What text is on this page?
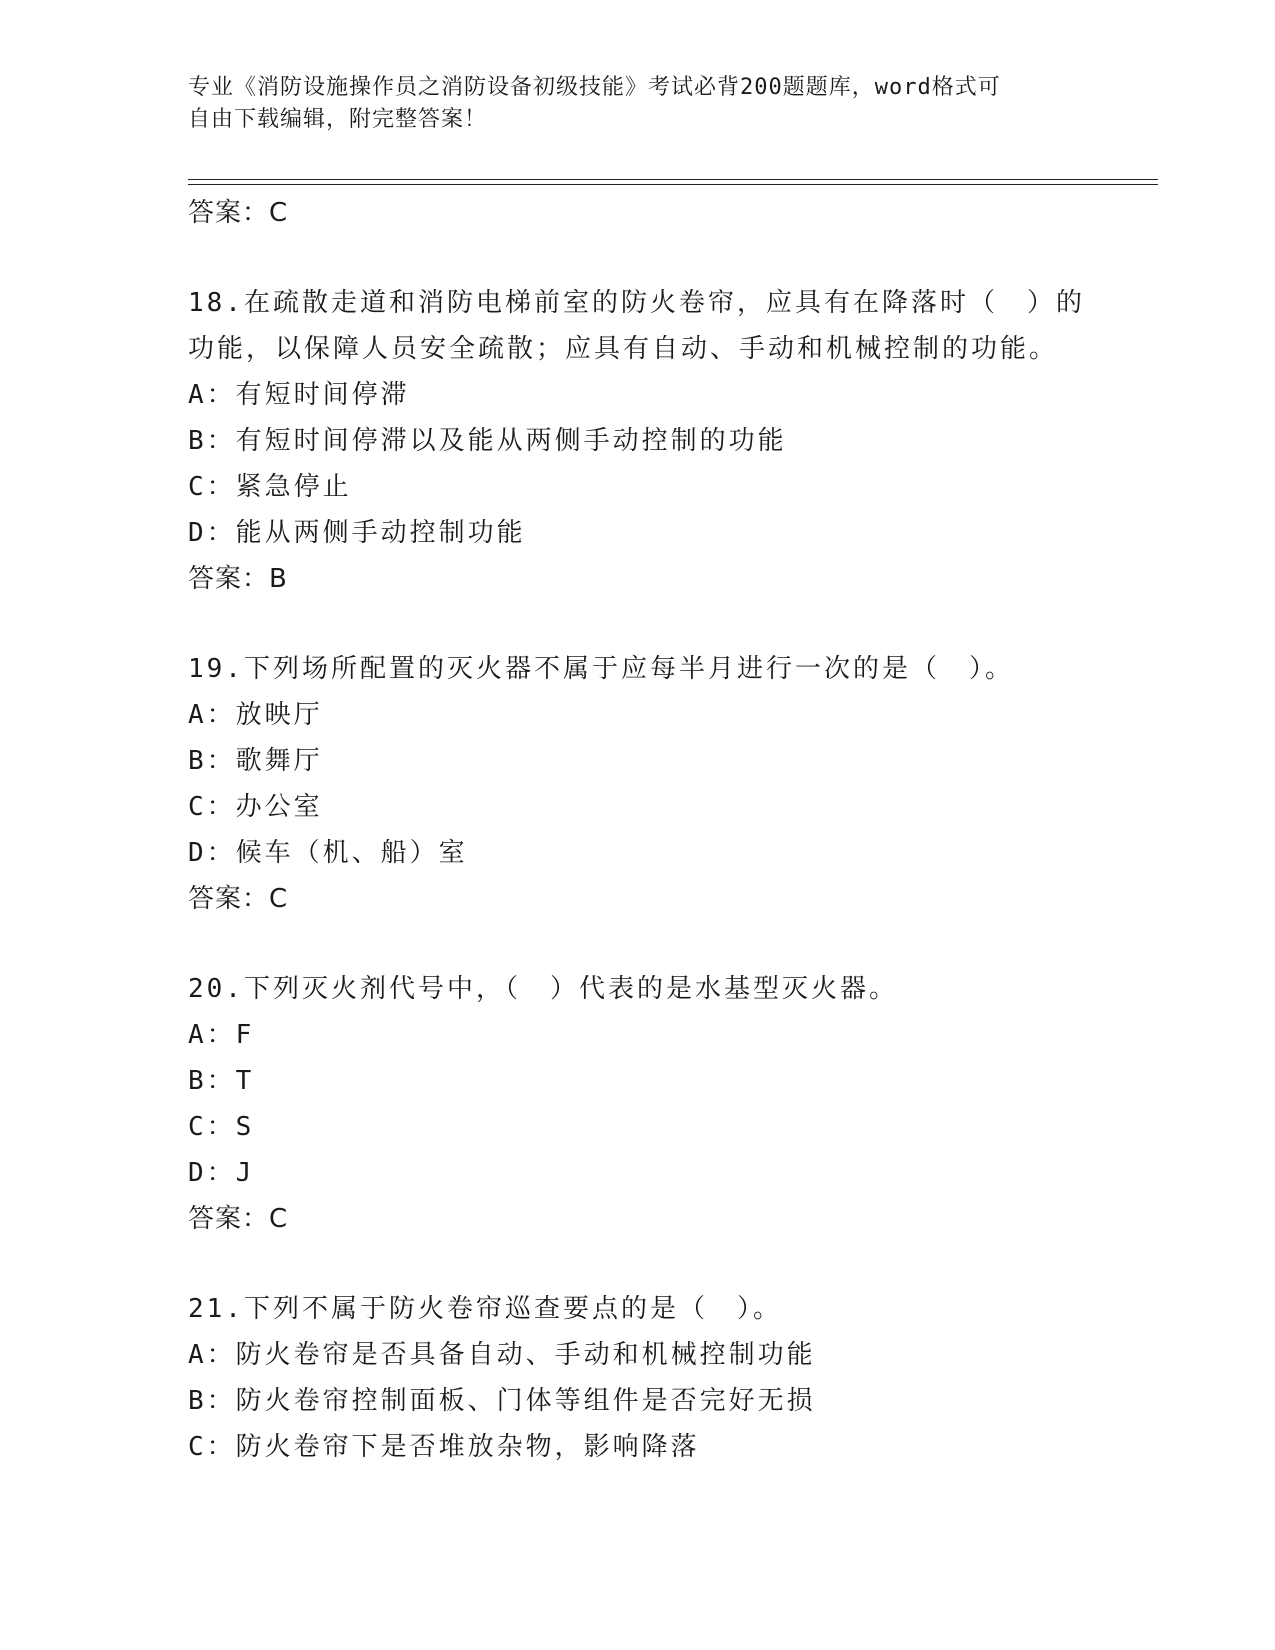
专业《消防设施操作员之消防设备初级技能》考试必背200题题库，word格式可
自由下载编辑，附完整答案！
答案：C
18.在疏散走道和消防电梯前室的防火卷帘，应具有在降落时（　）的
功能，以保障人员安全疏散；应具有自动、手动和机械控制的功能。
A：有短时间停滞
B：有短时间停滞以及能从两侧手动控制的功能
C：紧急停止
D：能从两侧手动控制功能
答案：B
19.下列场所配置的灭火器不属于应每半月进行一次的是（　）。
A：放映厅
B：歌舞厅
C：办公室
D：候车（机、船）室
答案：C
20.下列灭火剂代号中，（　）代表的是水基型灭火器。
A：F
B：T
C：S
D：J
答案：C
21.下列不属于防火卷帘巡查要点的是（　）。
A：防火卷帘是否具备自动、手动和机械控制功能
B：防火卷帘控制面板、门体等组件是否完好无损
C：防火卷帘下是否堆放杂物，影响降落
